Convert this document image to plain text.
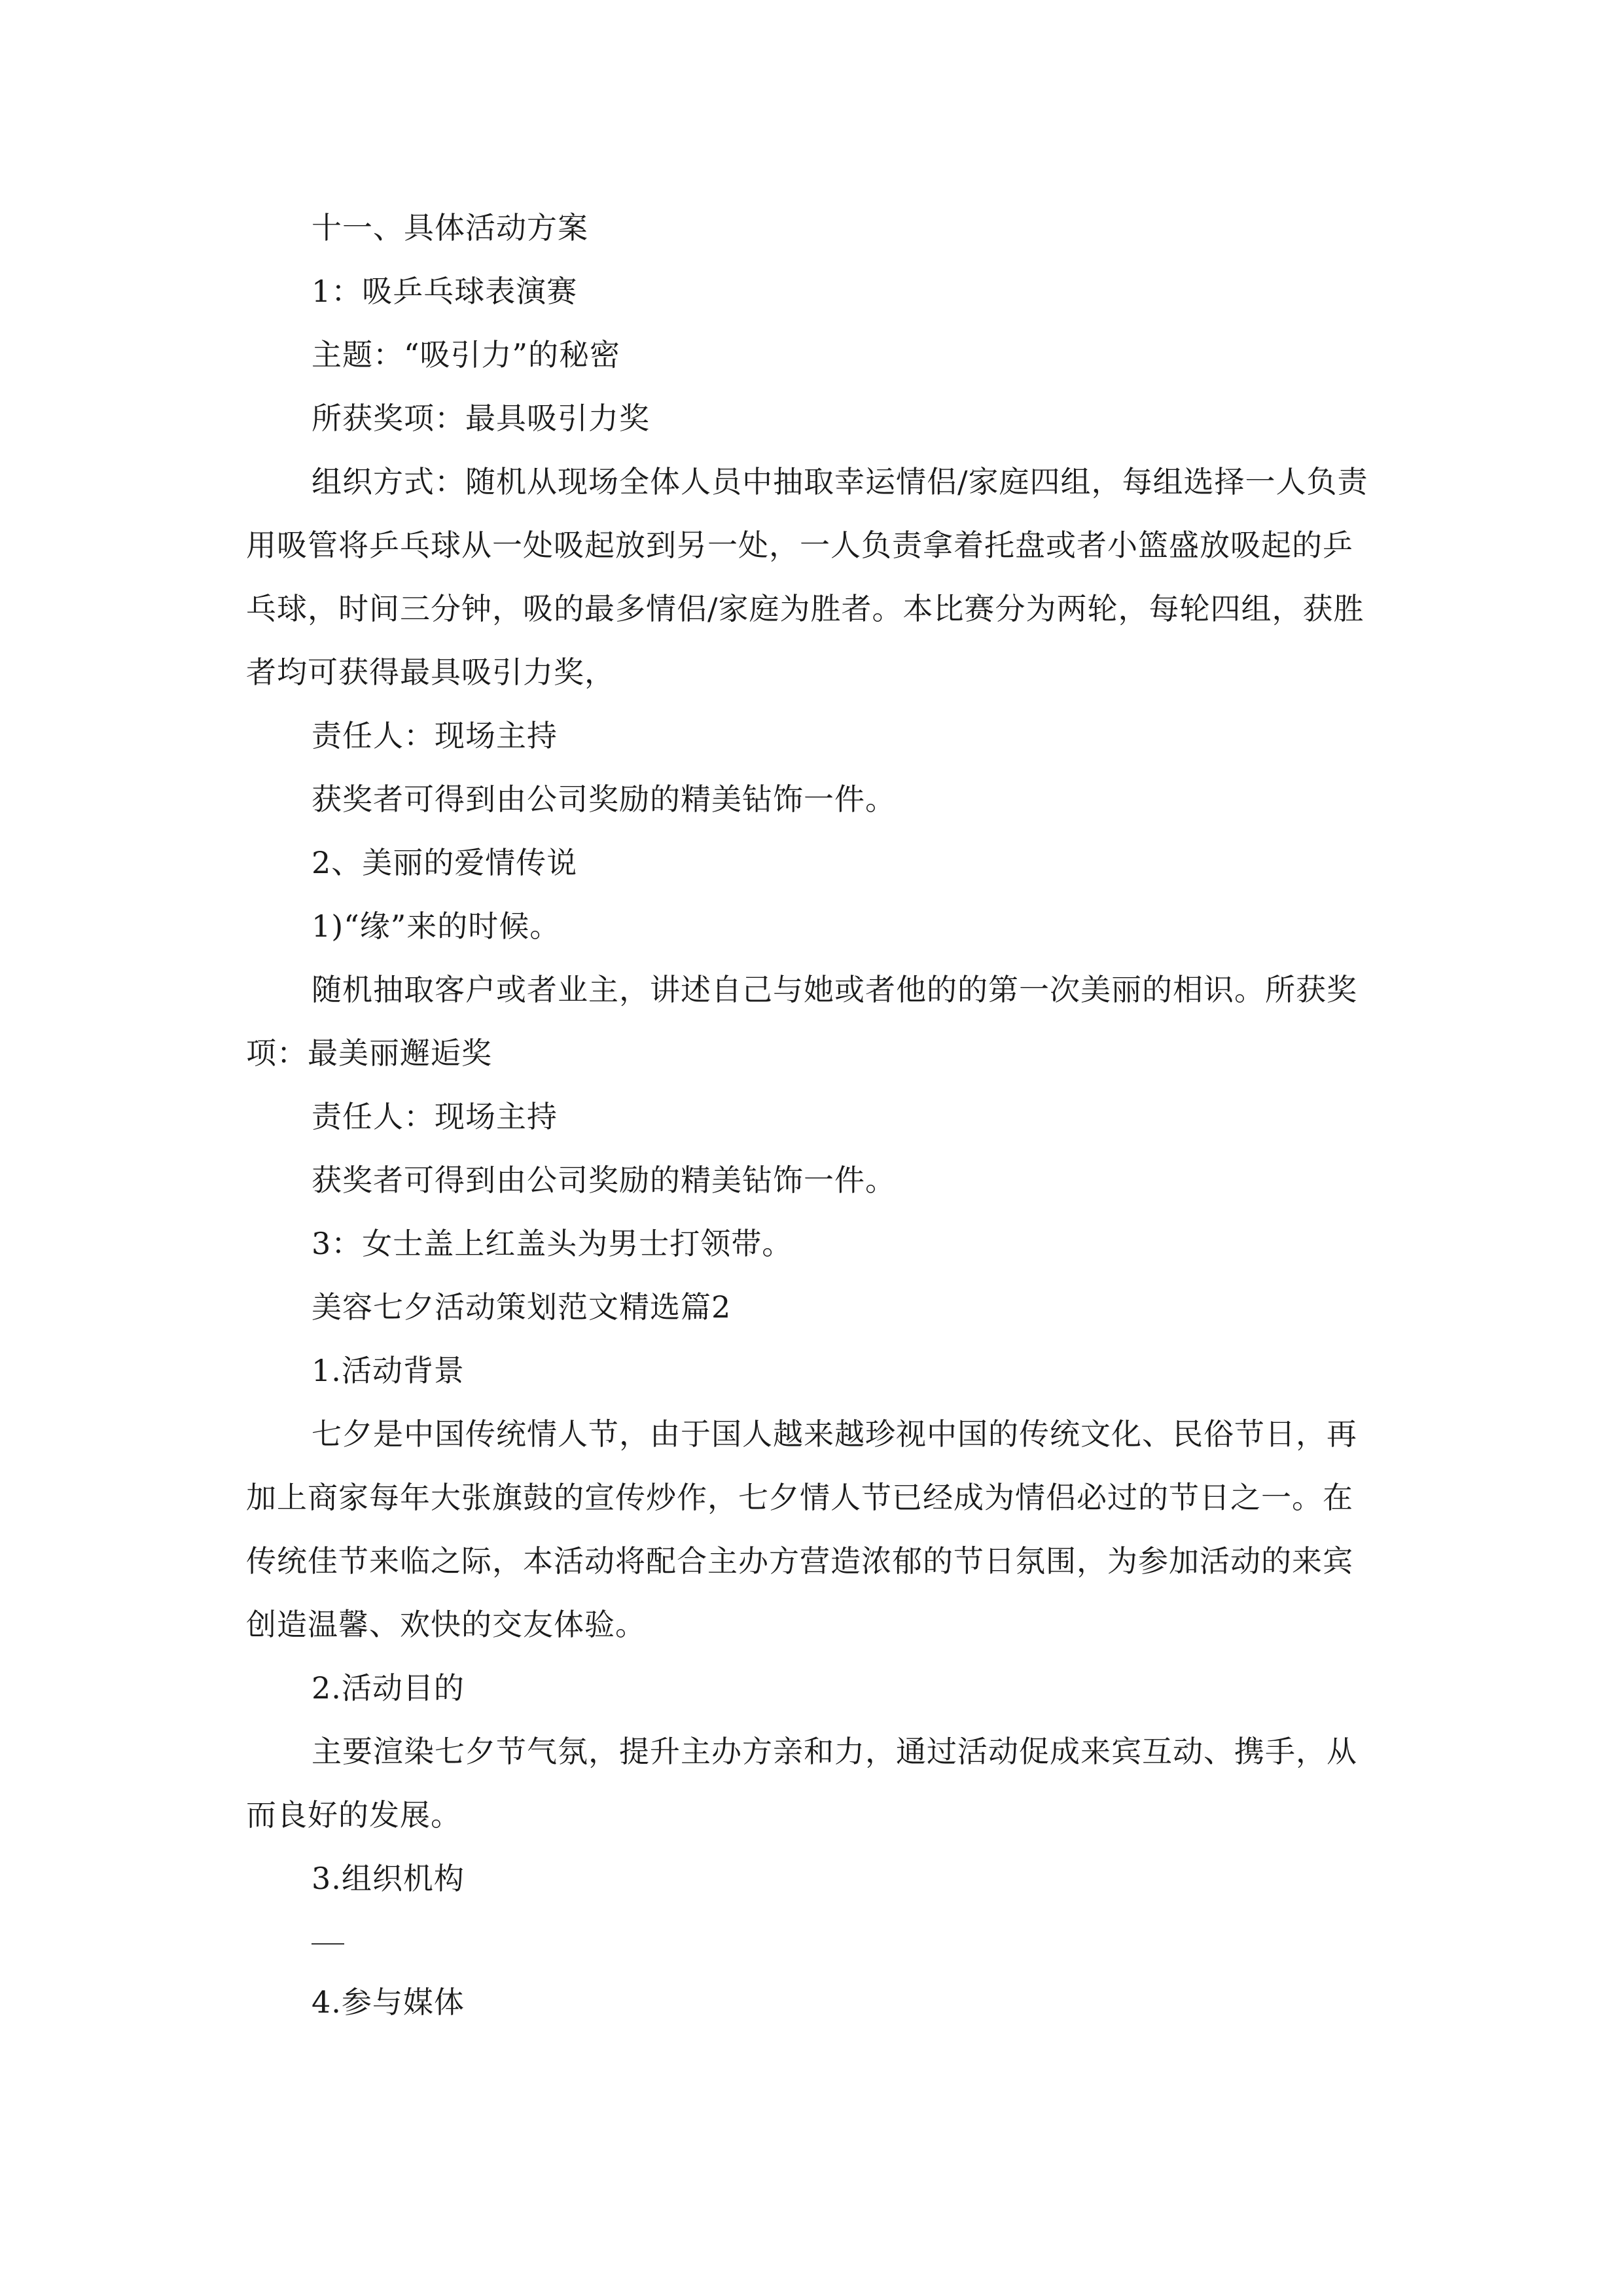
十一、具体活动方案

1：吸乒乓球表演赛

主题：“吸引力”的秘密

所获奖项：最具吸引力奖

组织方式：随机从现场全体人员中抽取幸运情侣/家庭四组，每组选择一人负责用吸管将乒乓球从一处吸起放到另一处，一人负责拿着托盘或者小篮盛放吸起的乒乓球，时间三分钟，吸的最多情侣/家庭为胜者。本比赛分为两轮，每轮四组，获胜者均可获得最具吸引力奖，

责任人：现场主持

获奖者可得到由公司奖励的精美钻饰一件。

2、美丽的爱情传说

1)“缘”来的时候。

随机抽取客户或者业主，讲述自己与她或者他的的第一次美丽的相识。所获奖项：最美丽邂逅奖

责任人：现场主持

获奖者可得到由公司奖励的精美钻饰一件。

3：女士盖上红盖头为男士打领带。

美容七夕活动策划范文精选篇2

1.活动背景

七夕是中国传统情人节，由于国人越来越珍视中国的传统文化、民俗节日，再加上商家每年大张旗鼓的宣传炒作，七夕情人节已经成为情侣必过的节日之一。在传统佳节来临之际，本活动将配合主办方营造浓郁的节日氛围，为参加活动的来宾创造温馨、欢快的交友体验。

2.活动目的

主要渲染七夕节气氛，提升主办方亲和力，通过活动促成来宾互动、携手，从而良好的发展。

3.组织机构

4.参与媒体
